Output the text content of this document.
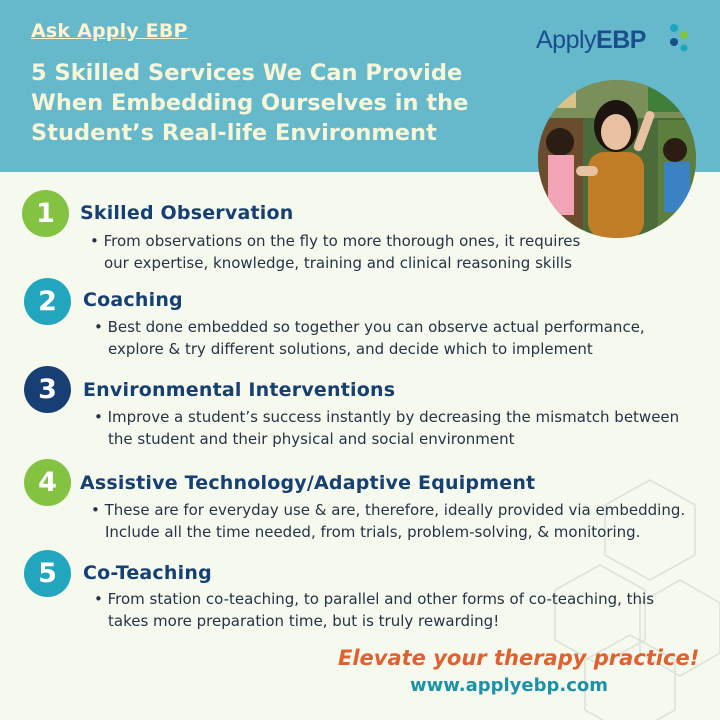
Ask Apply EBP
5 Skilled Services We Can Provide When Embedding Ourselves in the Student’s Real-life Environment
ApplyEBP
1	Skilled Observation
• From observations on the fly to more thorough ones, it requires
our expertise, knowledge, training and clinical reasoning skills
2	Coaching
• Best done embedded so together you can observe actual performance,
explore & try different solutions, and decide which to implement
3	Environmental Interventions
• Improve a student’s success instantly by decreasing the mismatch between
the student and their physical and social environment
4	Assistive Technology/Adaptive Equipment
• These are for everyday use & are, therefore, ideally provided via embedding.
Include all the time needed, from trials, problem-solving, & monitoring.
5	Co-Teaching
• From station co-teaching, to parallel and other forms of co-teaching, this
takes more preparation time, but is truly rewarding!
Elevate your therapy practice!
www.applyebp.com
